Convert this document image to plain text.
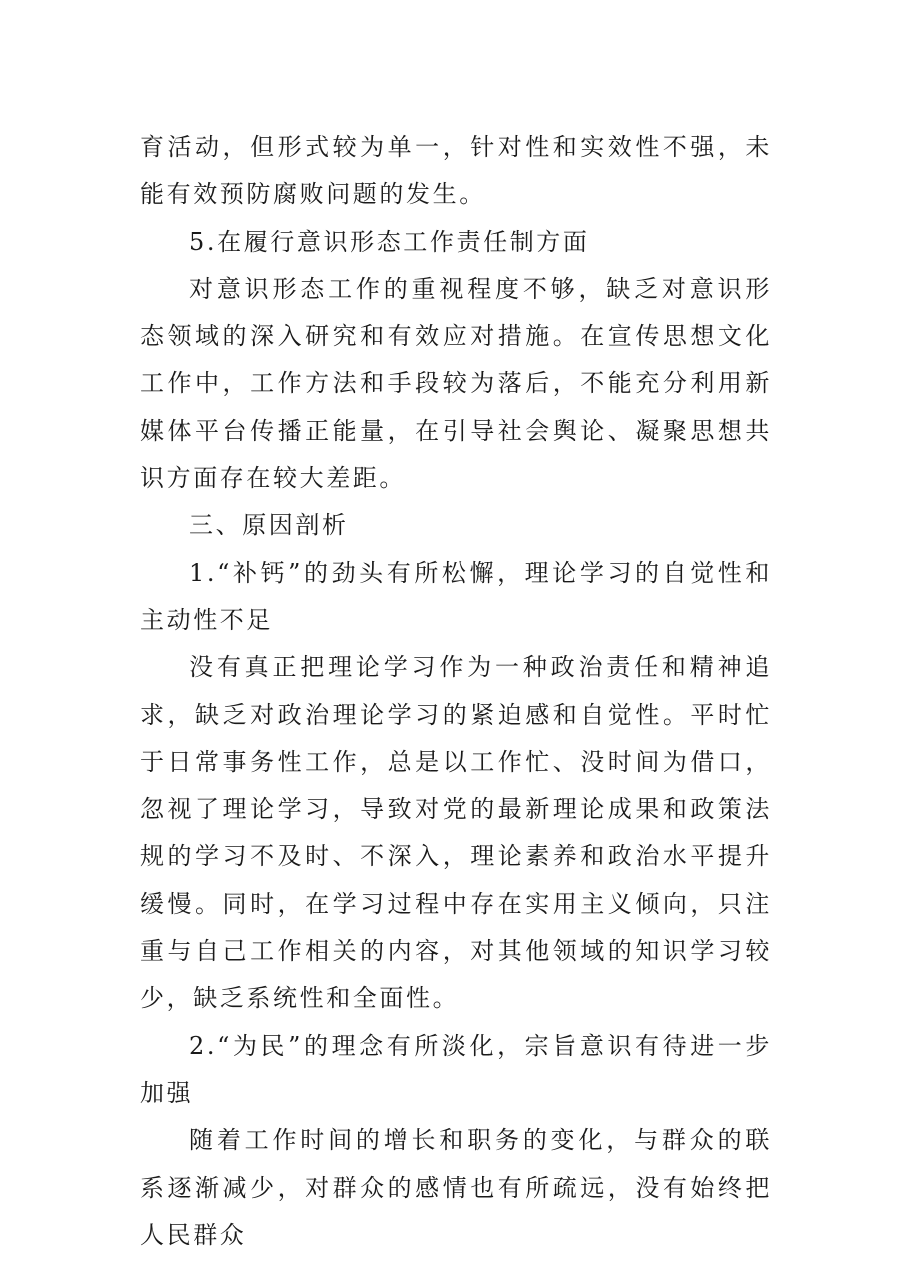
育活动，但形式较为单一，针对性和实效性不强，未能有效预防腐败问题的发生。

5.在履行意识形态工作责任制方面

对意识形态工作的重视程度不够，缺乏对意识形态领域的深入研究和有效应对措施。在宣传思想文化工作中，工作方法和手段较为落后，不能充分利用新媒体平台传播正能量，在引导社会舆论、凝聚思想共识方面存在较大差距。

三、原因剖析

1.“补钙”的劲头有所松懈，理论学习的自觉性和主动性不足

没有真正把理论学习作为一种政治责任和精神追求，缺乏对政治理论学习的紧迫感和自觉性。平时忙于日常事务性工作，总是以工作忙、没时间为借口，忽视了理论学习，导致对党的最新理论成果和政策法规的学习不及时、不深入，理论素养和政治水平提升缓慢。同时，在学习过程中存在实用主义倾向，只注重与自己工作相关的内容，对其他领域的知识学习较少，缺乏系统性和全面性。

2.“为民”的理念有所淡化，宗旨意识有待进一步加强

随着工作时间的增长和职务的变化，与群众的联系逐渐减少，对群众的感情也有所疏远，没有始终把人民群众
